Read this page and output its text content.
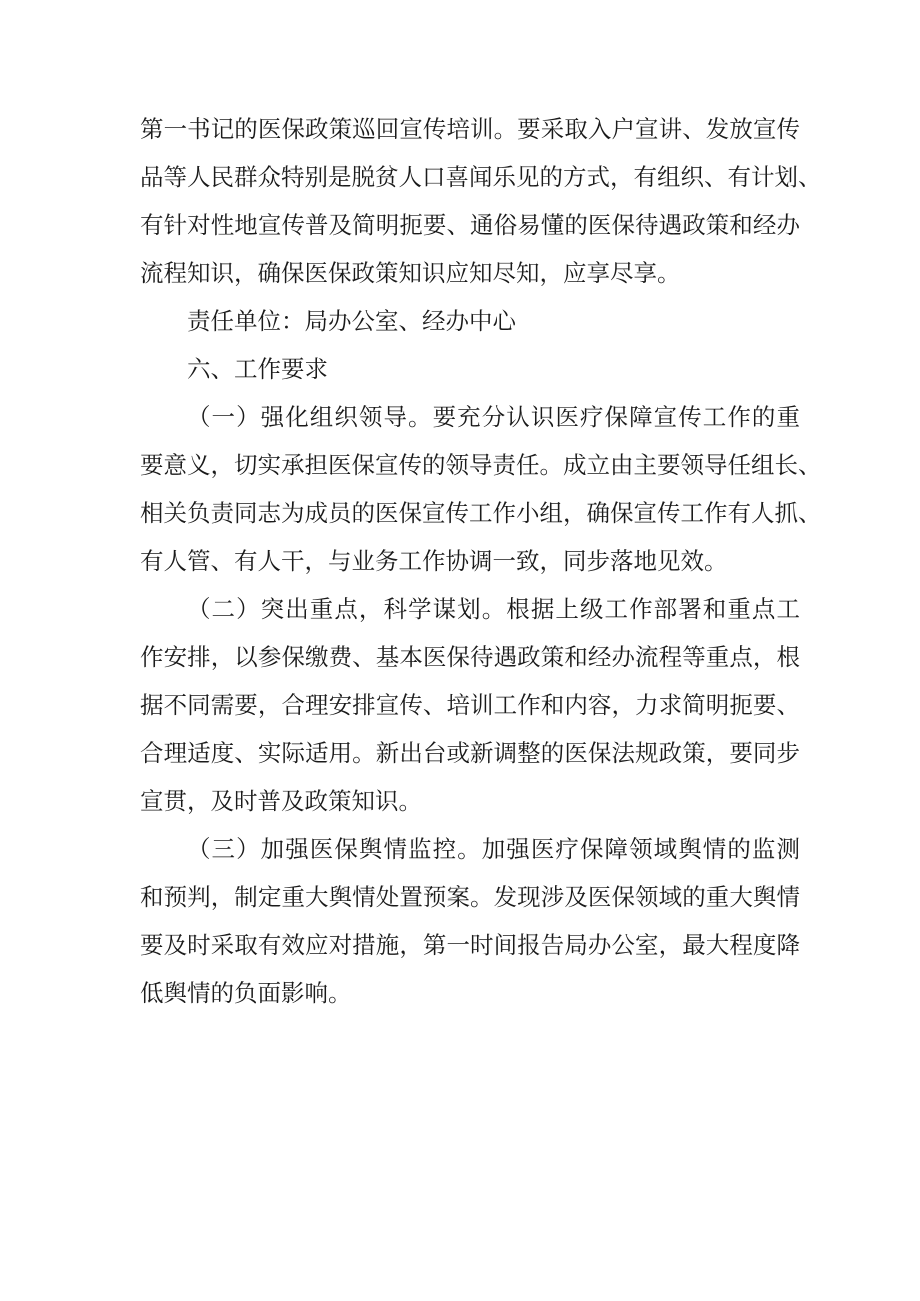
第一书记的医保政策巡回宣传培训。要采取入户宣讲、发放宣传
品等人民群众特别是脱贫人口喜闻乐见的方式，有组织、有计划、
有针对性地宣传普及简明扼要、通俗易懂的医保待遇政策和经办
流程知识，确保医保政策知识应知尽知，应享尽享。
责任单位：局办公室、经办中心
六、工作要求
（一）强化组织领导。要充分认识医疗保障宣传工作的重
要意义，切实承担医保宣传的领导责任。成立由主要领导任组长、
相关负责同志为成员的医保宣传工作小组，确保宣传工作有人抓、
有人管、有人干，与业务工作协调一致，同步落地见效。
（二）突出重点，科学谋划。根据上级工作部署和重点工
作安排，以参保缴费、基本医保待遇政策和经办流程等重点，根
据不同需要，合理安排宣传、培训工作和内容，力求简明扼要、
合理适度、实际适用。新出台或新调整的医保法规政策，要同步
宣贯，及时普及政策知识。
（三）加强医保舆情监控。加强医疗保障领域舆情的监测
和预判，制定重大舆情处置预案。发现涉及医保领域的重大舆情
要及时采取有效应对措施，第一时间报告局办公室，最大程度降
低舆情的负面影响。
